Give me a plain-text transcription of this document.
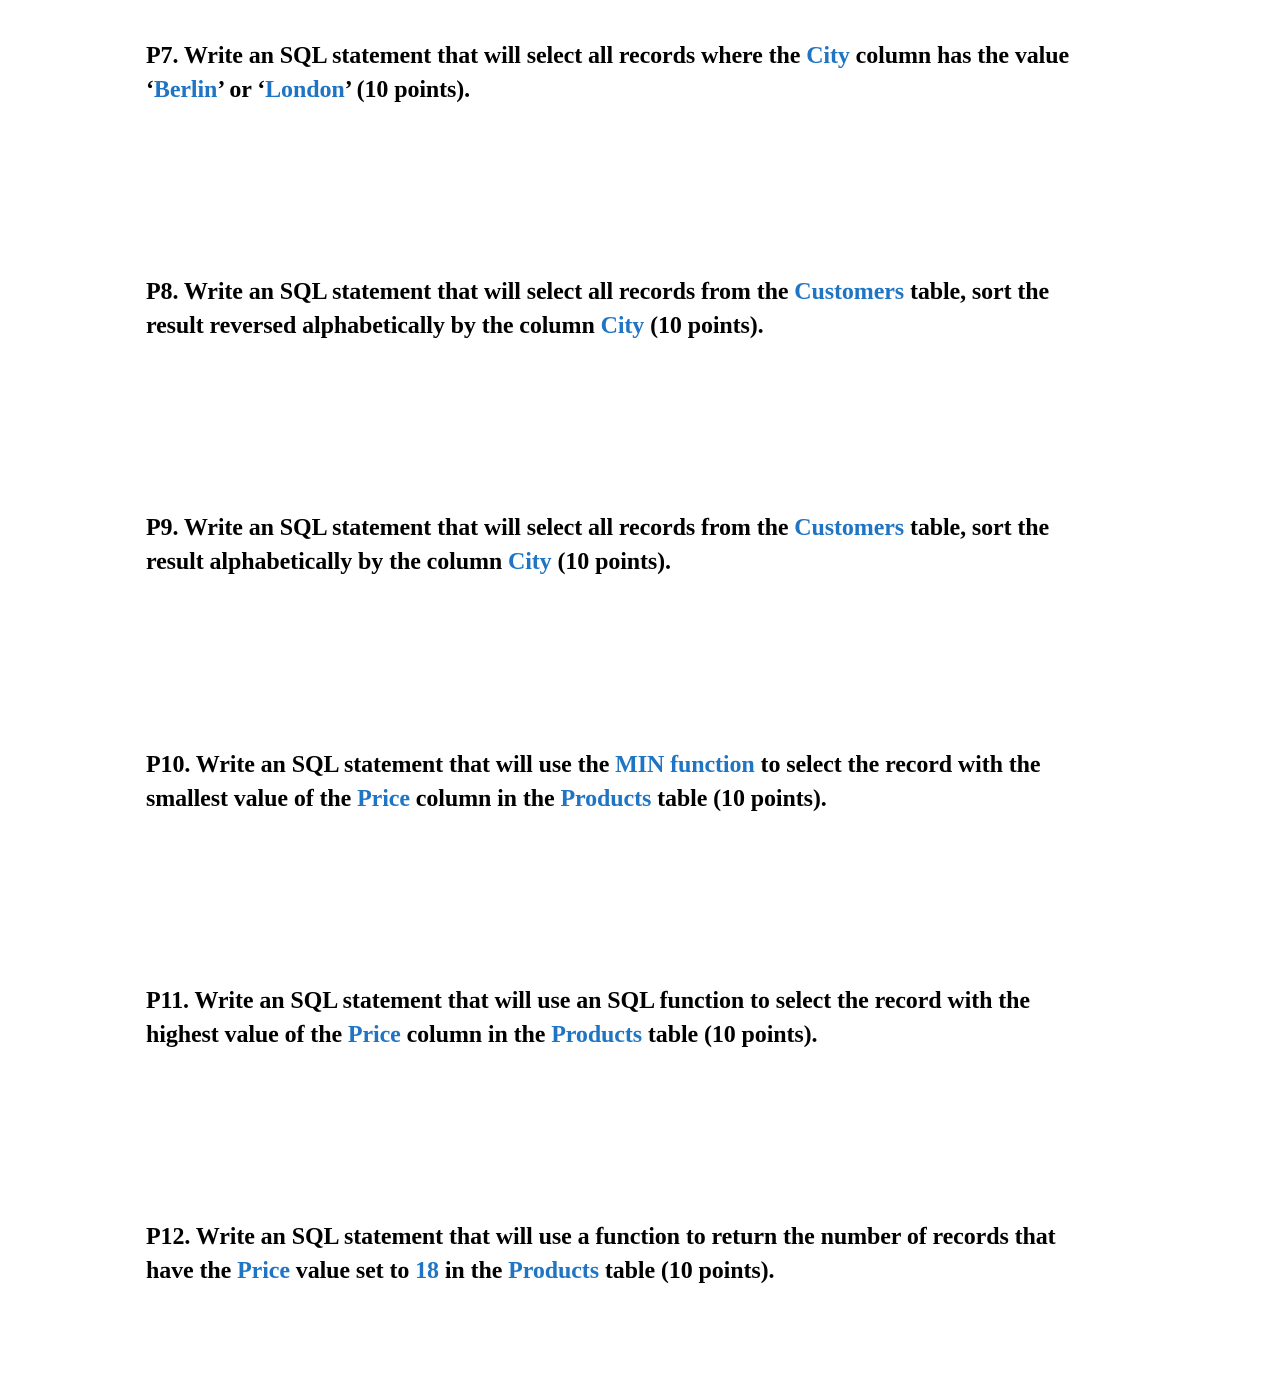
P7. Write an SQL statement that will select all records where the City column has the value
‘Berlin’ or ‘London’ (10 points).
P8. Write an SQL statement that will select all records from the Customers table, sort the
result reversed alphabetically by the column City (10 points).
P9. Write an SQL statement that will select all records from the Customers table, sort the
result alphabetically by the column City (10 points).
P10. Write an SQL statement that will use the MIN function to select the record with the
smallest value of the Price column in the Products table (10 points).
P11. Write an SQL statement that will use an SQL function to select the record with the
highest value of the Price column in the Products table (10 points).
P12. Write an SQL statement that will use a function to return the number of records that
have the Price value set to 18 in the Products table (10 points).
